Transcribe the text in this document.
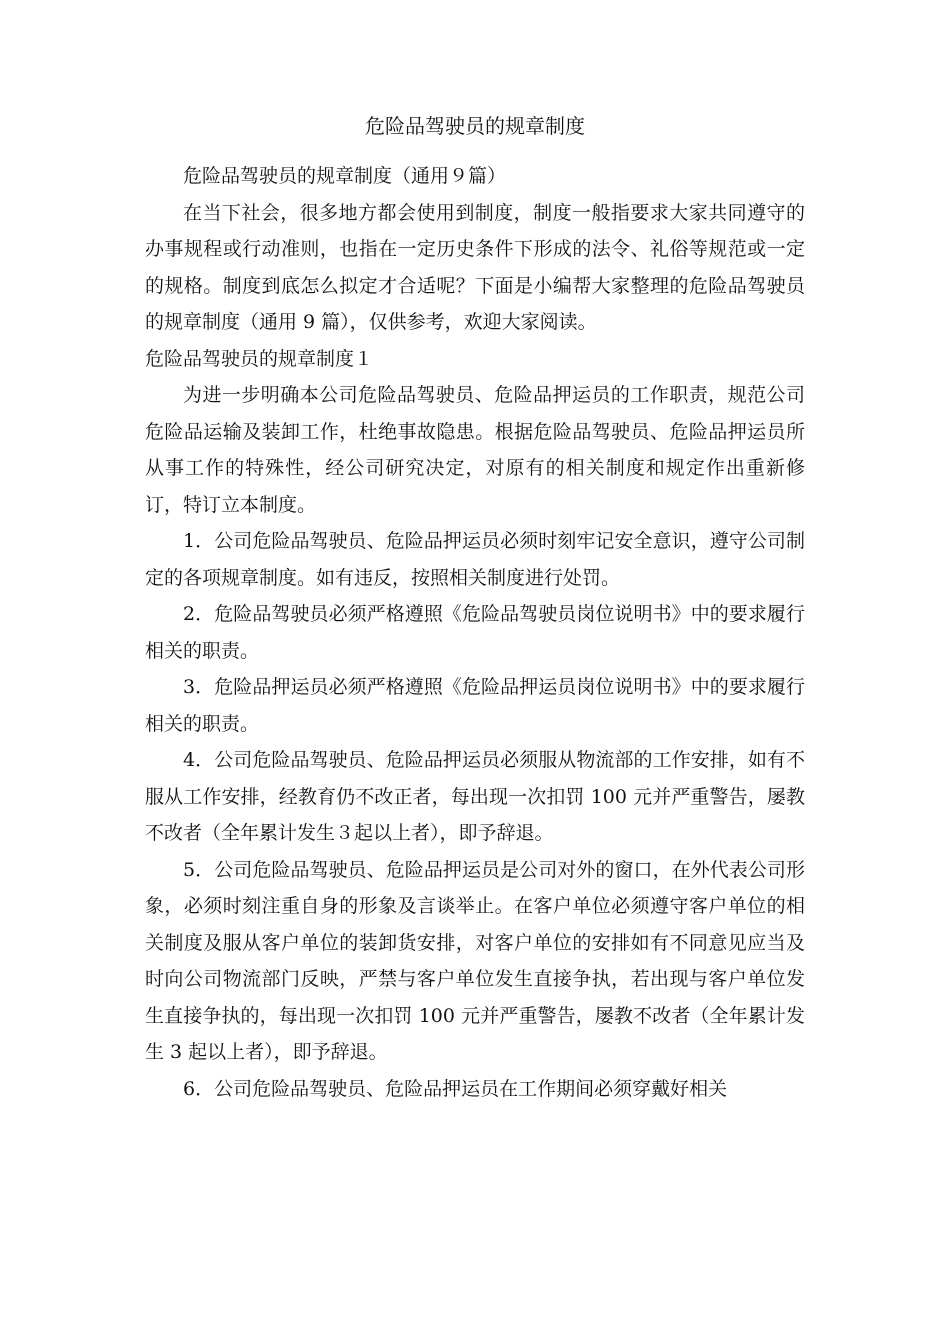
危险品驾驶员的规章制度

危险品驾驶员的规章制度（通用９篇）

在当下社会，很多地方都会使用到制度，制度一般指要求大家共同遵守的办事规程或行动准则，也指在一定历史条件下形成的法令、礼俗等规范或一定的规格。制度到底怎么拟定才合适呢？下面是小编帮大家整理的危险品驾驶员的规章制度（通用 9 篇），仅供参考，欢迎大家阅读。

危险品驾驶员的规章制度１

为进一步明确本公司危险品驾驶员、危险品押运员的工作职责，规范公司危险品运输及装卸工作，杜绝事故隐患。根据危险品驾驶员、危险品押运员所从事工作的特殊性，经公司研究决定，对原有的相关制度和规定作出重新修订，特订立本制度。

1．公司危险品驾驶员、危险品押运员必须时刻牢记安全意识，遵守公司制定的各项规章制度。如有违反，按照相关制度进行处罚。

2．危险品驾驶员必须严格遵照《危险品驾驶员岗位说明书》中的要求履行相关的职责。

3．危险品押运员必须严格遵照《危险品押运员岗位说明书》中的要求履行相关的职责。

4．公司危险品驾驶员、危险品押运员必须服从物流部的工作安排，如有不服从工作安排，经教育仍不改正者，每出现一次扣罚 100 元并严重警告，屡教不改者（全年累计发生３起以上者），即予辞退。

5．公司危险品驾驶员、危险品押运员是公司对外的窗口，在外代表公司形象，必须时刻注重自身的形象及言谈举止。在客户单位必须遵守客户单位的相关制度及服从客户单位的装卸货安排，对客户单位的安排如有不同意见应当及时向公司物流部门反映，严禁与客户单位发生直接争执，若出现与客户单位发生直接争执的，每出现一次扣罚 100 元并严重警告，屡教不改者（全年累计发生 3 起以上者），即予辞退。

6．公司危险品驾驶员、危险品押运员在工作期间必须穿戴好相关
